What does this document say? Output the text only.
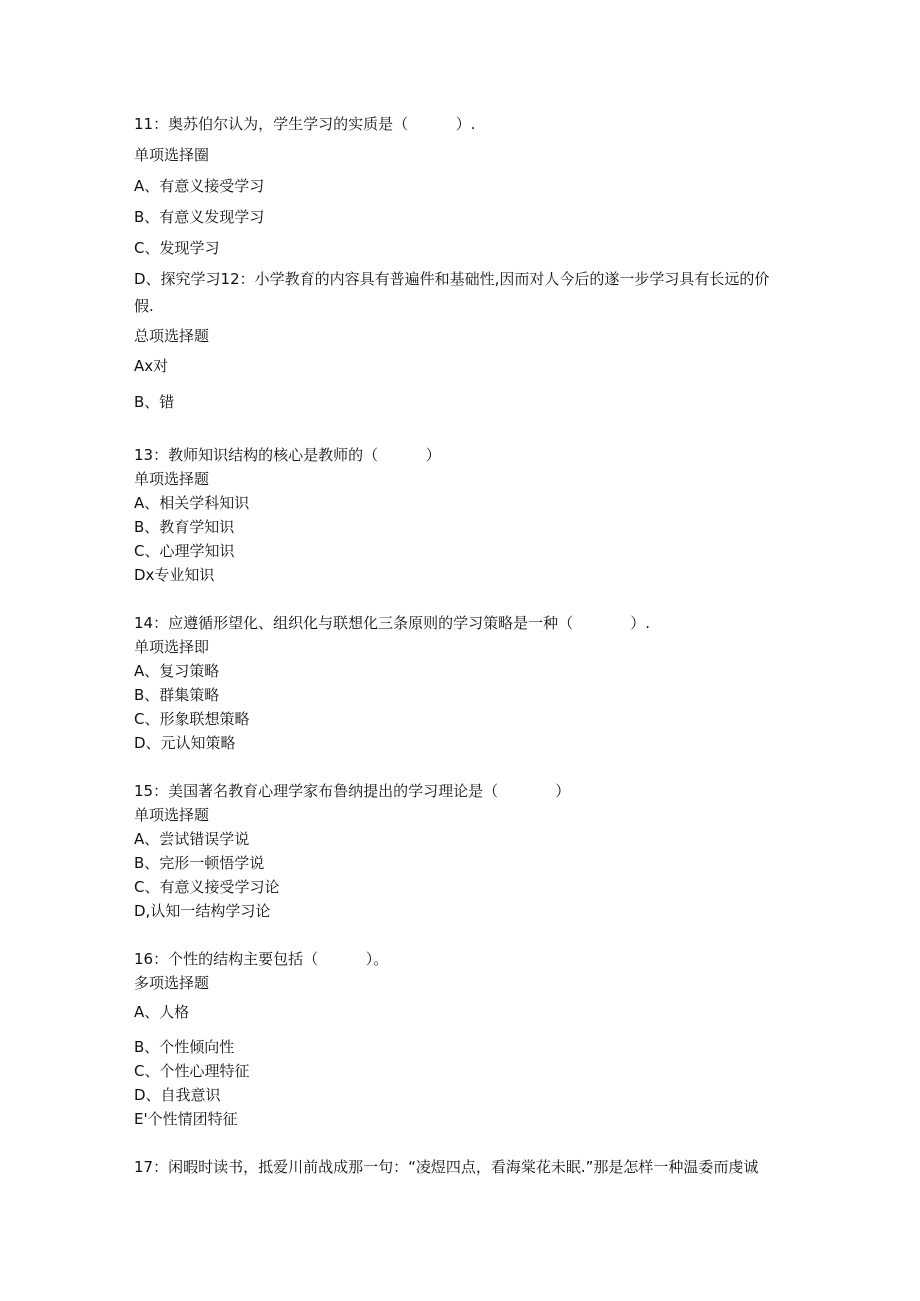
11：奥苏伯尔认为，学生学习的实质是（          ）.
单项选择圈
A、有意义接受学习
B、有意义发现学习
C、发现学习
D、探究学习12：小学教育的内容具有普遍件和基础性,因而对人今后的遂一步学习具有长远的价
假.
总项选择题
Ax对
B、错
13：教师知识结构的核心是教师的（          ）
单项选择题
A、相关学科知识
B、教育学知识
C、心理学知识
Dx专业知识
14：应遵循形望化、组织化与联想化三条原则的学习策略是一种（            ）.
单项选择即
A、复习策略
B、群集策略
C、形象联想策略
D、元认知策略
15：美国著名教育心理学家布鲁纳提出的学习理论是（            ）
单项选择题
A、尝试错误学说
B、完形一顿悟学说
C、有意义接受学习论
D,认知一结构学习论
16：个性的结构主要包括（          ）。
多项选择题
A、人格
B、个性倾向性
C、个性心理特征
D、自我意识
E'个性情团特征
17：闲暇时读书，抵爱川前战成那一句：“凌煜四点，看海棠花未眠.”那是怎样一种温委而虔诚
